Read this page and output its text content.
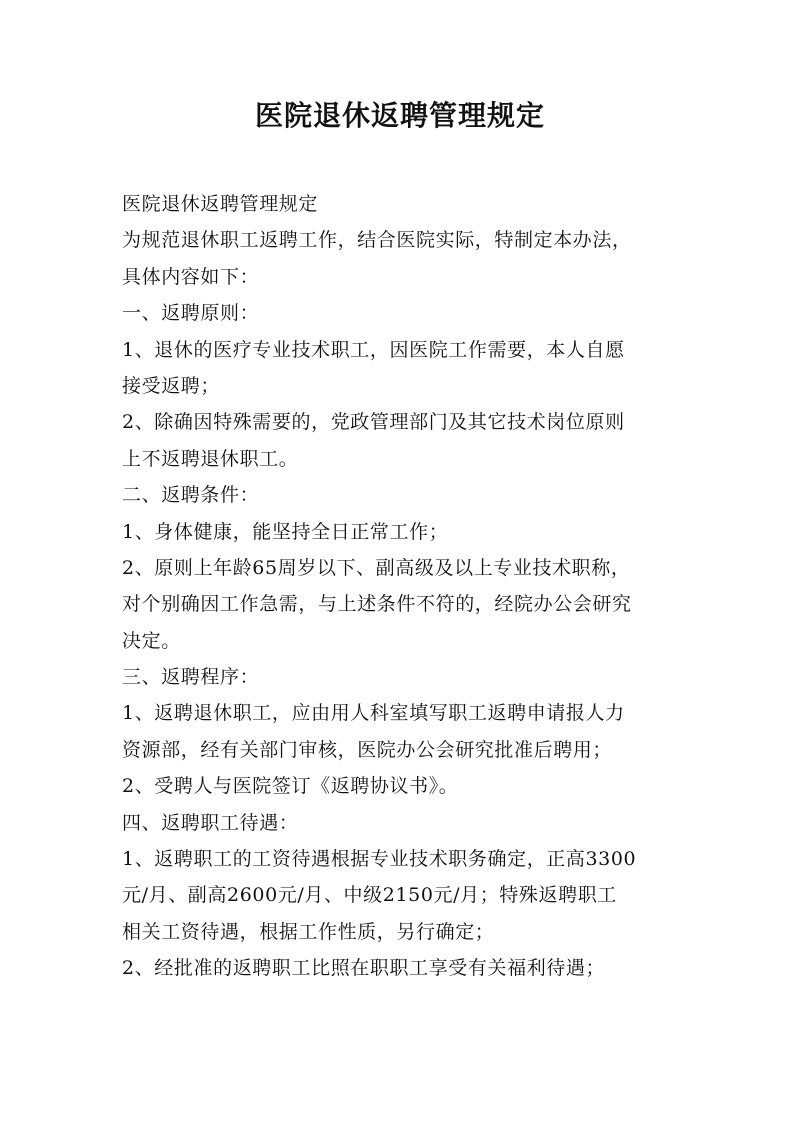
医院退休返聘管理规定
医院退休返聘管理规定
为规范退休职工返聘工作，结合医院实际，特制定本办法，
具体内容如下：
一、返聘原则：
1、退休的医疗专业技术职工，因医院工作需要，本人自愿
接受返聘；
2、除确因特殊需要的，党政管理部门及其它技术岗位原则
上不返聘退休职工。
二、返聘条件：
1、身体健康，能坚持全日正常工作；
2、原则上年龄65周岁以下、副高级及以上专业技术职称，
对个别确因工作急需，与上述条件不符的，经院办公会研究
决定。
三、返聘程序：
1、返聘退休职工，应由用人科室填写职工返聘申请报人力
资源部，经有关部门审核，医院办公会研究批准后聘用；
2、受聘人与医院签订《返聘协议书》。
四、返聘职工待遇：
1、返聘职工的工资待遇根据专业技术职务确定，正高3300
元/月、副高2600元/月、中级2150元/月；特殊返聘职工
相关工资待遇，根据工作性质，另行确定；
2、经批准的返聘职工比照在职职工享受有关福利待遇；
